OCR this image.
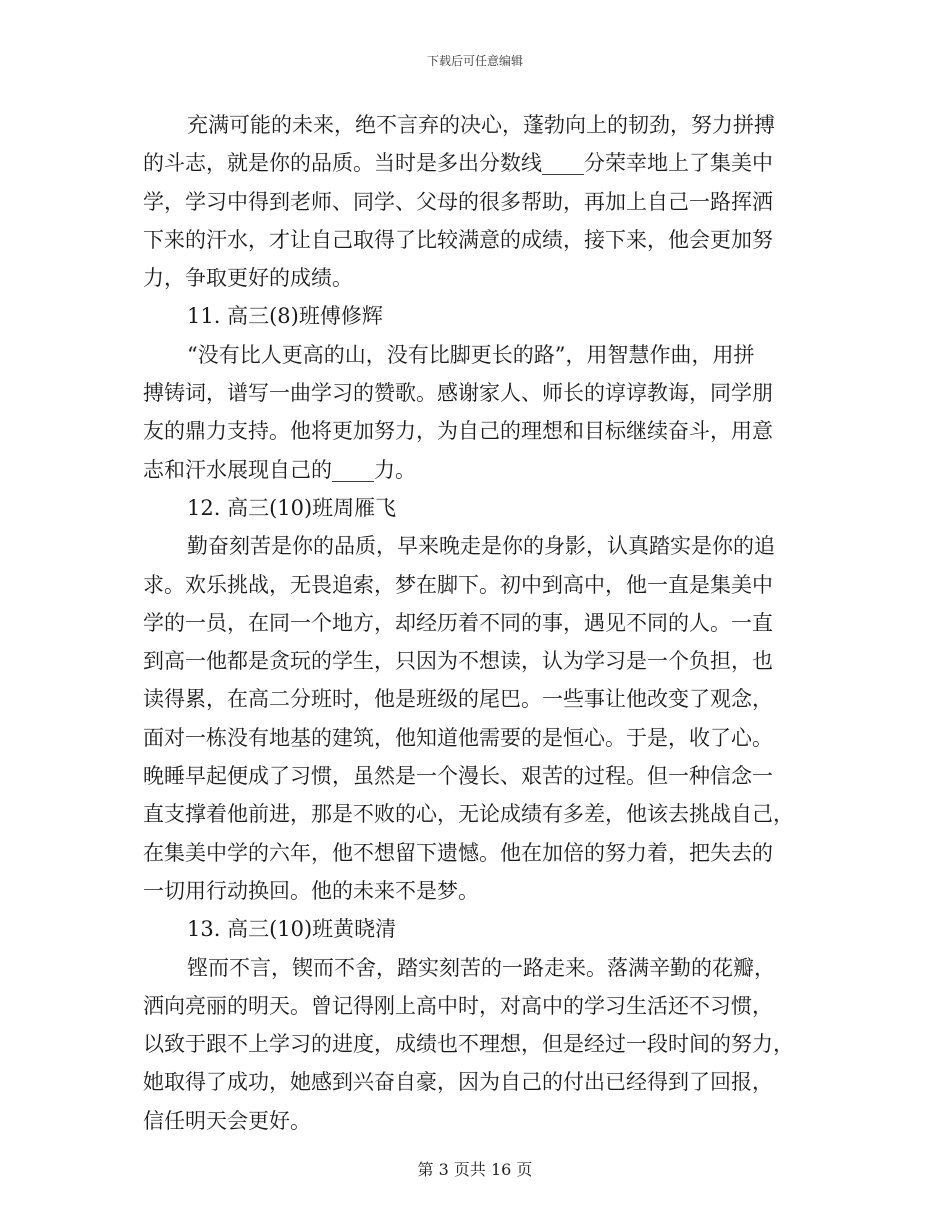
下载后可任意编辑
充满可能的未来，绝不言弃的决心，蓬勃向上的韧劲，努力拼搏
的斗志，就是你的品质。当时是多出分数线____分荣幸地上了集美中
学，学习中得到老师、同学、父母的很多帮助，再加上自己一路挥洒
下来的汗水，才让自己取得了比较满意的成绩，接下来，他会更加努
力，争取更好的成绩。
11. 高三(8)班傅修辉
“没有比人更高的山，没有比脚更长的路”，用智慧作曲，用拼
搏铸词，谱写一曲学习的赞歌。感谢家人、师长的谆谆教诲，同学朋
友的鼎力支持。他将更加努力，为自己的理想和目标继续奋斗，用意
志和汗水展现自己的____力。
12. 高三(10)班周雁飞
勤奋刻苦是你的品质，早来晚走是你的身影，认真踏实是你的追
求。欢乐挑战，无畏追索，梦在脚下。初中到高中，他一直是集美中
学的一员，在同一个地方，却经历着不同的事，遇见不同的人。一直
到高一他都是贪玩的学生，只因为不想读，认为学习是一个负担，也
读得累，在高二分班时，他是班级的尾巴。一些事让他改变了观念，
面对一栋没有地基的建筑，他知道他需要的是恒心。于是，收了心。
晚睡早起便成了习惯，虽然是一个漫长、艰苦的过程。但一种信念一
直支撑着他前进，那是不败的心，无论成绩有多差，他该去挑战自己，
在集美中学的六年，他不想留下遗憾。他在加倍的努力着，把失去的
一切用行动换回。他的未来不是梦。
13. 高三(10)班黄晓清
铿而不言，锲而不舍，踏实刻苦的一路走来。落满辛勤的花瓣，
洒向亮丽的明天。曾记得刚上高中时，对高中的学习生活还不习惯，
以致于跟不上学习的进度，成绩也不理想，但是经过一段时间的努力，
她取得了成功，她感到兴奋自豪，因为自己的付出已经得到了回报，
信任明天会更好。
第 3 页共 16 页
